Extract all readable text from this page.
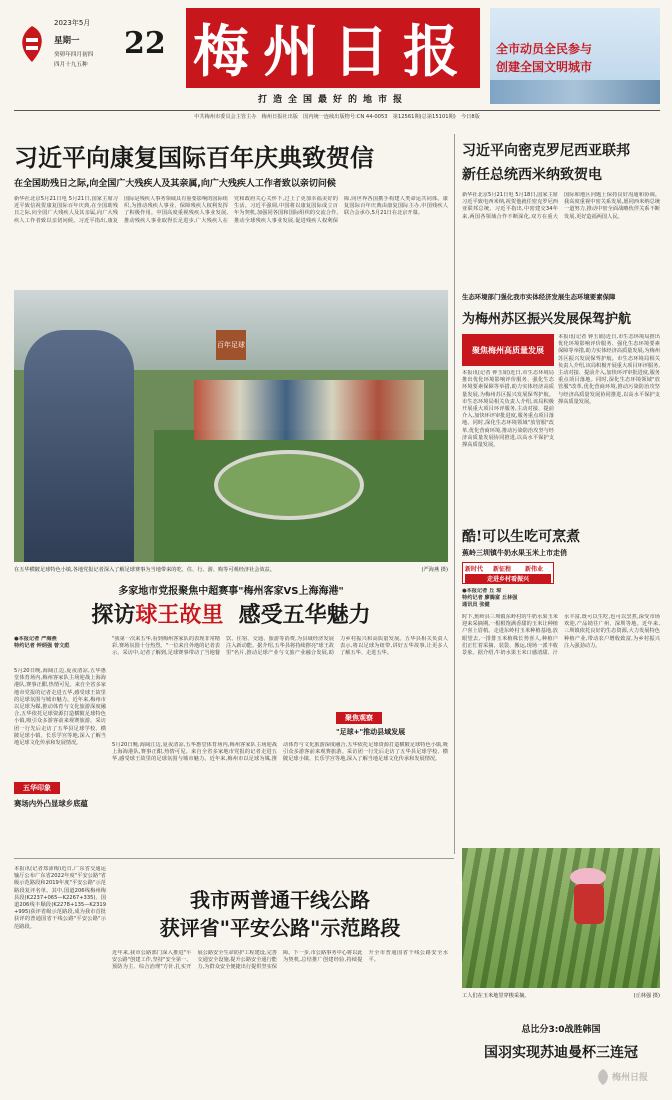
2023年5月
星期一
癸卯年四月初四
四月十九五种
22 梅州日报
打造全国最好的地市报
全市动员全民参与
创建全国文明城市
中共梅州市委员会主管主办　梅州日报社出版　国内统一连续出版物号:CN 44-0053　第12561期(总第15101期)　今日8版
习近平向康复国际百年庆典致贺信
在全国助残日之际,向全国广大残疾人及其亲属,向广大残疾人工作者致以亲切问候
新华社北京5月21日电 5月21日,国家主席习近平致信祝贺康复国际百年庆典,在全国助残日之际,向全国广大残疾人及其亲属,向广大残疾人工作者致以亲切问候。习近平指出,康复国际是残疾人事务领域具有重要影响的国际组织,为推动残疾人事业、保障残疾人权利发挥了积极作用。中国高度重视残疾人事业发展,推动残疾人事业取得长足进步,广大残疾人在党和政府关心关怀下,过上了更加幸福美好的生活。习近平强调,中国将以康复国际成立百年为契机,加强同各国和国际组织的交流合作,推动全球残疾人事业发展,促进残疾人权利保障,同世界各国携手构建人类命运共同体。康复国际百年庆典由康复国际主办,中国残疾人联合会承办,5月21日在北京开幕。
习近平向密克罗尼西亚联邦
新任总统西米纳致贺电
新华社北京5月21日电 5月18日,国家主席习近平致电西米纳,祝贺他就任密克罗尼西亚联邦总统。习近平指出,中密建交34年来,两国各领域合作不断深化,双方在重大国际和地区问题上保持良好沟通和协调。我高度重视中密关系发展,愿同西米纳总统一道努力,推动中密全面战略伙伴关系不断发展,更好造福两国人民。
百年足球
在五华横陂足球特色小镇,各地党报记者深入了解足球赛事为当地带来的吃、住、行、游、购等可观经济社会效益。	(严海燕 摄)
多家地市党报聚焦中超赛事"梅州客家VS上海海港"
探访球王故里 感受五华魅力
●本报记者 严海燕
特约记者 钟炳强 曾文彪
5月20日晚,海阔江边,夏夜清凉,五华惠堂体育场内,梅州客家队主场迎战上海海港队,赛事正酣,热情可见。来自全省多家地市党报的记者走进五华,感受球王故里的足球氛围与城市魅力。近年来,梅州市以足球为媒,推动体育与文化旅游深度融合,五华依托足球资源打造横陂足球特色小镇,吸引众多游客前来观赛旅游。采访团一行先后走访了五华县足球学校、横陂足球小镇、长乐学宫等地,深入了解当地足球文化传承和发展情况。
五华印象
赛场内外凸显球乡底蕴
"我第一次来五华,看到梅州客家队的表现非常精彩,赛场氛围十分热烈。"一位来自外地的记者表示。采访中,记者了解到,足球赛事带动了当地餐饮、住宿、交通、旅游等消费,为县域经济发展注入新动能。据介绍,五华县将持续擦亮"球王故里"名片,推动足球产业与文旅产业融合发展,助力乡村振兴和高质量发展。五华县相关负责人表示,将以足球为纽带,讲好五华故事,让更多人了解五华、走进五华。
聚焦观察
"足球+"推动县域发展
5月20日晚,海阔江边,夏夜清凉,五华惠堂体育场内,梅州客家队主场迎战上海海港队,赛事正酣,热情可见。来自全省多家地市党报的记者走进五华,感受球王故里的足球氛围与城市魅力。近年来,梅州市以足球为媒,推动体育与文化旅游深度融合,五华依托足球资源打造横陂足球特色小镇,吸引众多游客前来观赛旅游。采访团一行先后走访了五华县足球学校、横陂足球小镇、长乐学宫等地,深入了解当地足球文化传承和发展情况。
生态环境部门强化我市实体经济发展生态环境要素保障
为梅州苏区振兴发展保驾护航
聚焦梅州高质量发展
本报讯(记者 钟玉娟)近日,市生态环境局推出优化环境影响评价服务、强化生态环境要素保障等举措,助力实体经济高质量发展,为梅州苏区振兴发展保驾护航。市生态环境局相关负责人介绍,该局积极开展重大项目环评服务,主动对接、提前介入,加快环评审批进度,服务重点项目落地。同时,深化生态环境领域"放管服"改革,优化营商环境,推动污染防治攻坚与经济高质量发展协同推进,以高水平保护支撑高质量发展。
本报讯(记者 钟玉娟)近日,市生态环境局推出优化环境影响评价服务、强化生态环境要素保障等举措,助力实体经济高质量发展,为梅州苏区振兴发展保驾护航。市生态环境局相关负责人介绍,该局积极开展重大项目环评服务,主动对接、提前介入,加快环评审批进度,服务重点项目落地。同时,深化生态环境领域"放管服"改革,优化营商环境,推动污染防治攻坚与经济高质量发展协同推进,以高水平保护支撑高质量发展。
酷!可以生吃可烹煮
蕉岭三圳镇牛奶水果玉米上市走俏
新时代 新征程 新伟业
走进乡村看振兴
●本报记者 丘 琼
特约记者 廖腾富 丘林强
通讯员 张健
时下,蕉岭县三圳镇东岭村的牛奶水果玉米迎来采摘期,一根根饱满香甜的玉米让种植户喜上眉梢。走进东岭村玉米种植基地,放眼望去,一排排玉米植株长势喜人,种植户们正忙着采摘、装袋、搬运,现场一派丰收景象。据介绍,牛奶水果玉米口感清甜、汁水丰富,既可以生吃,也可以烹煮,深受市场欢迎,产品销往广州、深圳等地。近年来,三圳镇依托良好的生态资源,大力发展特色种植产业,带动农户增收致富,为乡村振兴注入强劲动力。
工人们在玉米地里穿梭采摘。	(丘林强 摄)
我市两普通干线公路
获评省"平安公路"示范路段
本报讯(记者郑沛梅)近日,广东省交通运输厅公布广东省2022年度"平安公路"省级示范路段和2019年度"平安公路"示范路段复评名单。其中,国道206线梅州梅县段(K2237+065—K2267+335)、国道206线丰顺段(K2278+135—K2319+995)获评省级示范路段,成为我市首批获评的普通国省干线公路"平安公路"示范路段。
近年来,我市公路部门深入推进"平安公路"创建工作,坚持"安全第一、预防为主、综合治理"方针,扎实开展公路安全生命防护工程建设,完善交通安全设施,提升公路安全通行能力,为群众安全便捷出行提供坚实保障。下一步,市公路事务中心将以此为契机,总结推广创建经验,持续提升全市普通国省干线公路安全水平。
总比分3:0战胜韩国
国羽实现苏迪曼杯三连冠
梅州日报
